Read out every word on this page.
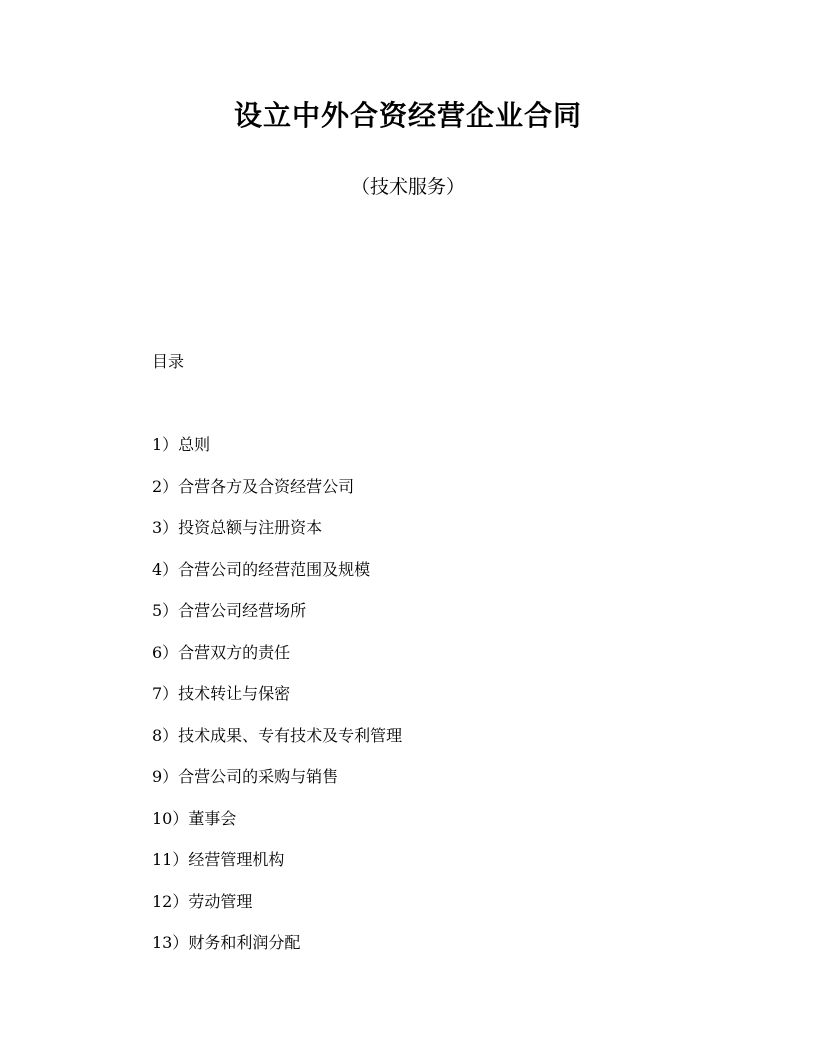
设立中外合资经营企业合同
（技术服务）
目录
1）总则
2）合营各方及合资经营公司
3）投资总额与注册资本
4）合营公司的经营范围及规模
5）合营公司经营场所
6）合营双方的责任
7）技术转让与保密
8）技术成果、专有技术及专利管理
9）合营公司的采购与销售
10）董事会
11）经营管理机构
12）劳动管理
13）财务和利润分配
